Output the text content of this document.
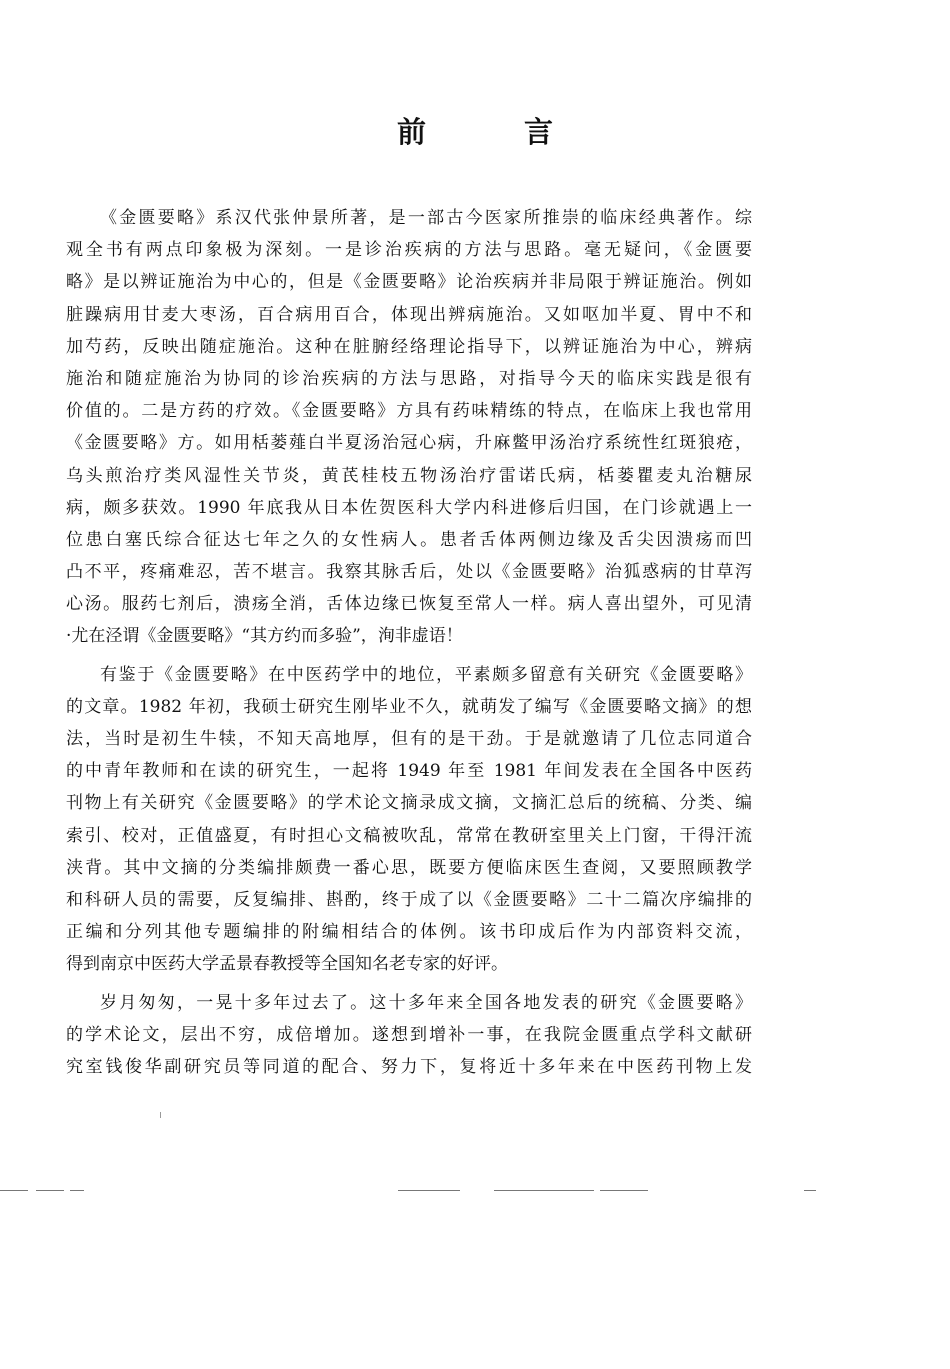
前 言
《金匮要略》系汉代张仲景所著，是一部古今医家所推崇的临床经典著作。综
观全书有两点印象极为深刻。一是诊治疾病的方法与思路。毫无疑问，《金匮要
略》是以辨证施治为中心的，但是《金匮要略》论治疾病并非局限于辨证施治。例如
脏躁病用甘麦大枣汤，百合病用百合，体现出辨病施治。又如呕加半夏、胃中不和
加芍药，反映出随症施治。这种在脏腑经络理论指导下，以辨证施治为中心，辨病
施治和随症施治为协同的诊治疾病的方法与思路，对指导今天的临床实践是很有
价值的。二是方药的疗效。《金匮要略》方具有药味精练的特点，在临床上我也常用
《金匮要略》方。如用栝蒌薤白半夏汤治冠心病，升麻鳖甲汤治疗系统性红斑狼疮，
乌头煎治疗类风湿性关节炎，黄芪桂枝五物汤治疗雷诺氏病，栝蒌瞿麦丸治糖尿
病，颇多获效。1990 年底我从日本佐贺医科大学内科进修后归国，在门诊就遇上一
位患白塞氏综合征达七年之久的女性病人。患者舌体两侧边缘及舌尖因溃疡而凹
凸不平，疼痛难忍，苦不堪言。我察其脉舌后，处以《金匮要略》治狐惑病的甘草泻
心汤。服药七剂后，溃疡全消，舌体边缘已恢复至常人一样。病人喜出望外，可见清
·尤在泾谓《金匮要略》“其方约而多验”，洵非虚语！
有鉴于《金匮要略》在中医药学中的地位，平素颇多留意有关研究《金匮要略》
的文章。1982 年初，我硕士研究生刚毕业不久，就萌发了编写《金匮要略文摘》的想
法，当时是初生牛犊，不知天高地厚，但有的是干劲。于是就邀请了几位志同道合
的中青年教师和在读的研究生，一起将 1949 年至 1981 年间发表在全国各中医药
刊物上有关研究《金匮要略》的学术论文摘录成文摘，文摘汇总后的统稿、分类、编
索引、校对，正值盛夏，有时担心文稿被吹乱，常常在教研室里关上门窗，干得汗流
浃背。其中文摘的分类编排颇费一番心思，既要方便临床医生查阅，又要照顾教学
和科研人员的需要，反复编排、斟酌，终于成了以《金匮要略》二十二篇次序编排的
正编和分列其他专题编排的附编相结合的体例。该书印成后作为内部资料交流，
得到南京中医药大学孟景春教授等全国知名老专家的好评。
岁月匆匆，一晃十多年过去了。这十多年来全国各地发表的研究《金匮要略》
的学术论文，层出不穷，成倍增加。遂想到增补一事，在我院金匮重点学科文献研
究室钱俊华副研究员等同道的配合、努力下，复将近十多年来在中医药刊物上发
